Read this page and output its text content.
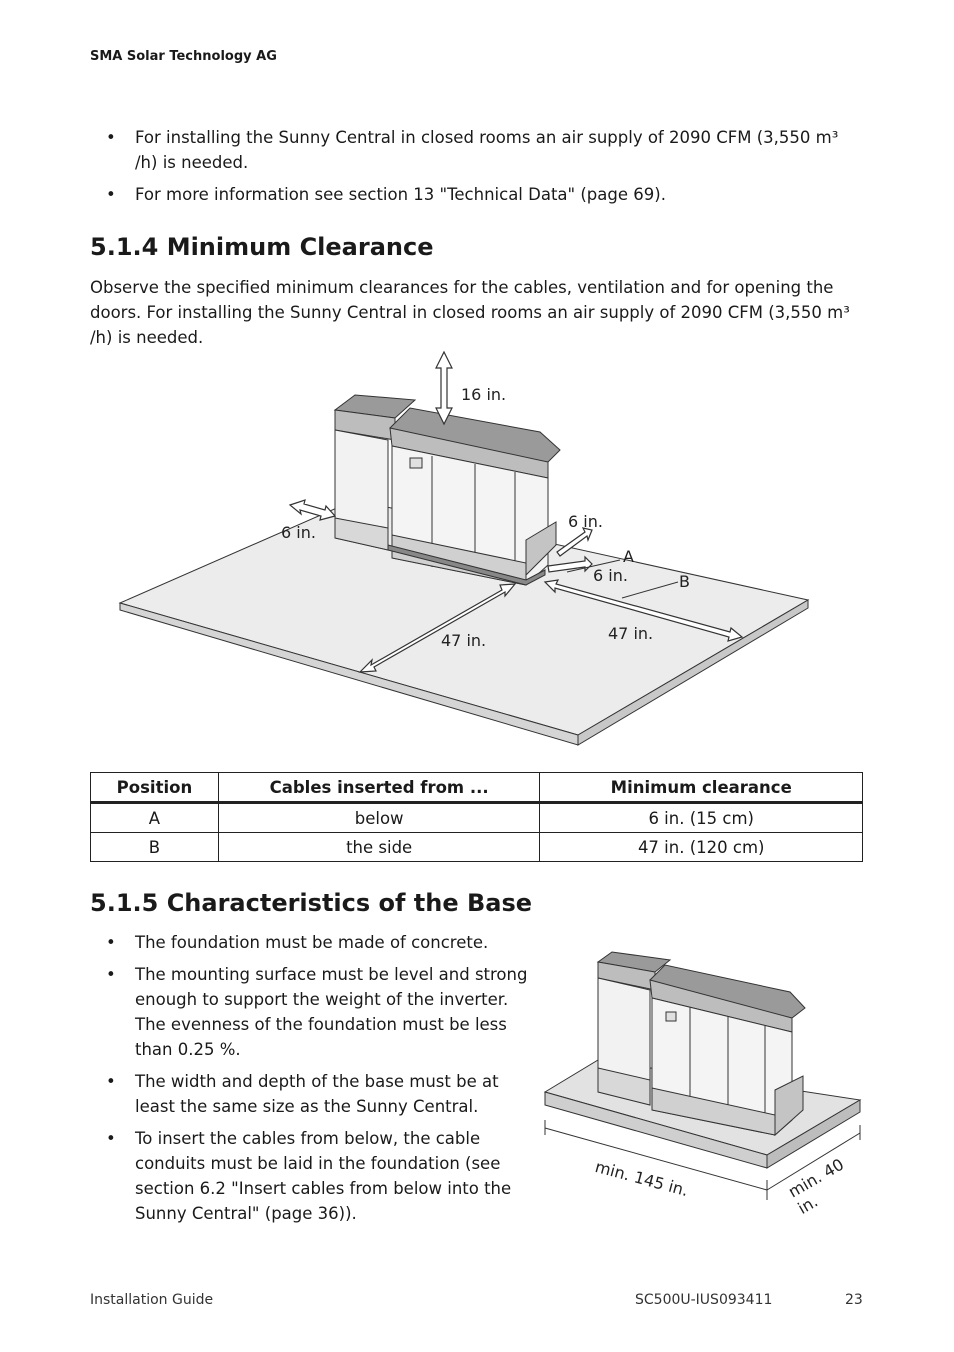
SMA Solar Technology AG
• For installing the Sunny Central in closed rooms an air supply of 2090 CFM (3,550 m³ /h) is needed.
• For more information see section 13 "Technical Data" (page 69).
5.1.4 Minimum Clearance
Observe the specified minimum clearances for the cables, ventilation and for opening the doors. For installing the Sunny Central in closed rooms an air supply of 2090 CFM (3,550 m³ /h) is needed.
16 in.
6 in.
6 in.
A
6 in.	B
47 in.	47 in.
Position	Cables inserted from ...	Minimum clearance
A	below	6 in. (15 cm)
B	the side	47 in. (120 cm)
5.1.5 Characteristics of the Base
• The foundation must be made of concrete.
• The mounting surface must be level and strong enough to support the weight of the inverter. The evenness of the foundation must be less than 0.25 %.
• The width and depth of the base must be at least the same size as the Sunny Central.
• To insert the cables from below, the cable conduits must be laid in the foundation (see section 6.2 "Insert cables from below into the Sunny Central" (page 36)).
min. 145 in.	min. 40 in.
Installation Guide	SC500U-IUS093411	23
